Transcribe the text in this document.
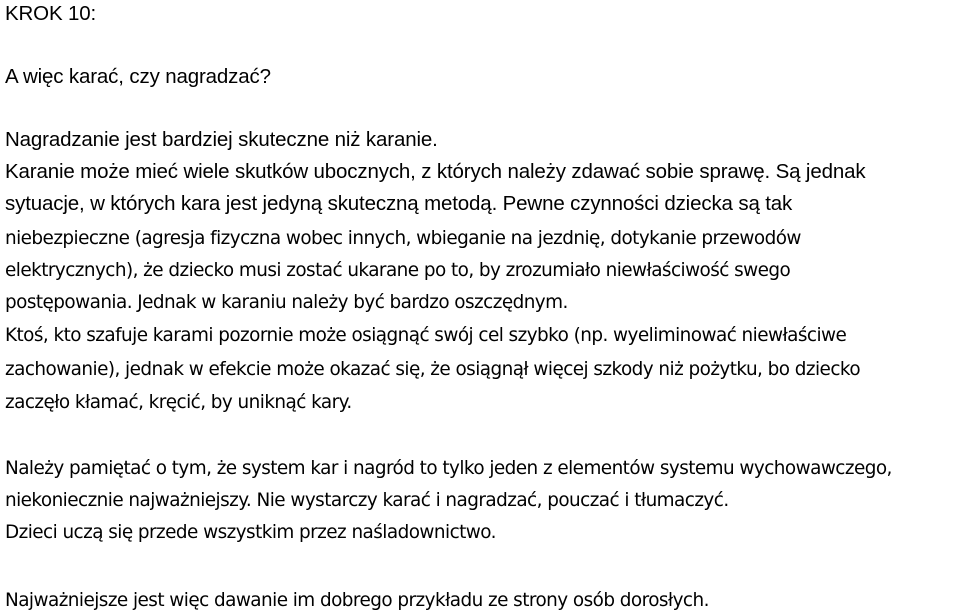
KROK 10:
A więc karać, czy nagradzać?
Nagradzanie jest bardziej skuteczne niż karanie.
Karanie może mieć wiele skutków ubocznych, z których należy zdawać sobie sprawę. Są jednak
sytuacje, w których kara jest jedyną skuteczną metodą. Pewne czynności dziecka są tak
niebezpieczne (agresja fizyczna wobec innych, wbieganie na jezdnię, dotykanie przewodów
elektrycznych), że dziecko musi zostać ukarane po to, by zrozumiało niewłaściwość swego
postępowania. Jednak w karaniu należy być bardzo oszczędnym.
Ktoś, kto szafuje karami pozornie może osiągnąć swój cel szybko (np. wyeliminować niewłaściwe
zachowanie), jednak w efekcie może okazać się, że osiągnął więcej szkody niż pożytku, bo dziecko
zaczęło kłamać, kręcić, by uniknąć kary.
Należy pamiętać o tym, że system kar i nagród to tylko jeden z elementów systemu wychowawczego,
niekoniecznie najważniejszy. Nie wystarczy karać i nagradzać, pouczać i tłumaczyć.
Dzieci uczą się przede wszystkim przez naśladownictwo.
Najważniejsze jest więc dawanie im dobrego przykładu ze strony osób dorosłych.
